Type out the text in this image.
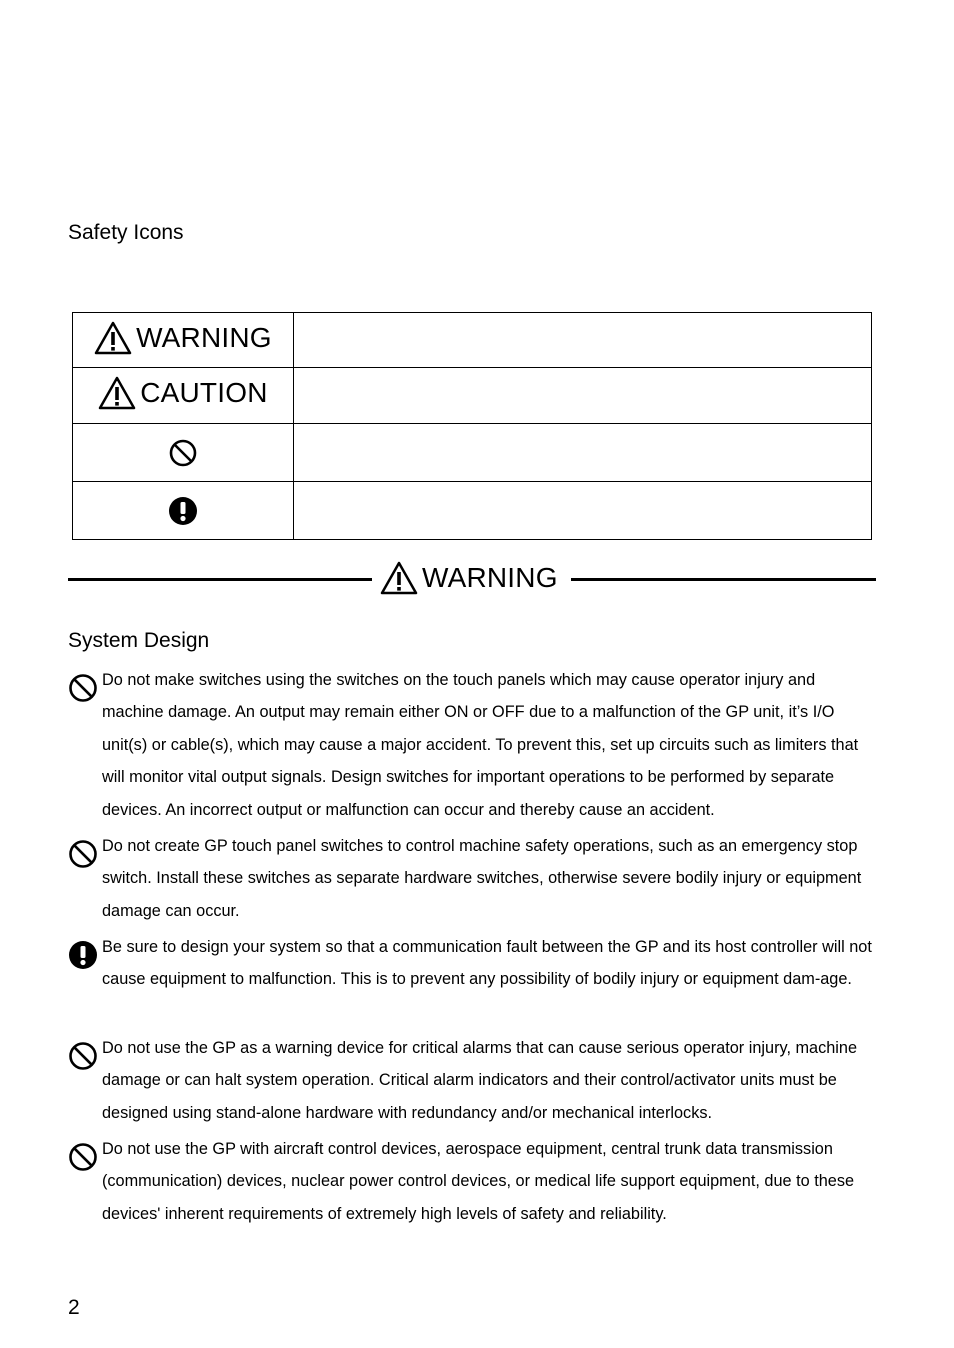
Safety Icons
WARNING	

CAUTION	

WARNING
System Design
Do not make switches using the switches on the touch panels which may cause operator injury and machine damage. An output may remain either ON or OFF due to a malfunction of the GP unit, it’s I/O unit(s) or cable(s), which may cause a major accident. To prevent this, set up circuits such as limiters that will monitor vital output signals. Design switches for important operations to be performed by separate devices. An incorrect output or malfunction can occur and thereby cause an accident.
Do not create GP touch panel switches to control machine safety operations, such as an emergency stop switch. Install these switches as separate hardware switches, otherwise severe bodily injury or equipment damage can occur.
Be sure to design your system so that a communication fault between the GP and its host controller will not cause equipment to malfunction. This is to prevent any possibility of bodily injury or equipment dam-age.
Do not use the GP as a warning device for critical alarms that can cause serious operator injury, machine damage or can halt system operation. Critical alarm indicators and their control/activator units must be designed using stand-alone hardware with redundancy and/or mechanical interlocks.
Do not use the GP with aircraft control devices, aerospace equipment, central trunk data transmission (communication) devices, nuclear power control devices, or medical life support equipment, due to these devices' inherent requirements of extremely high levels of safety and reliability.
2
